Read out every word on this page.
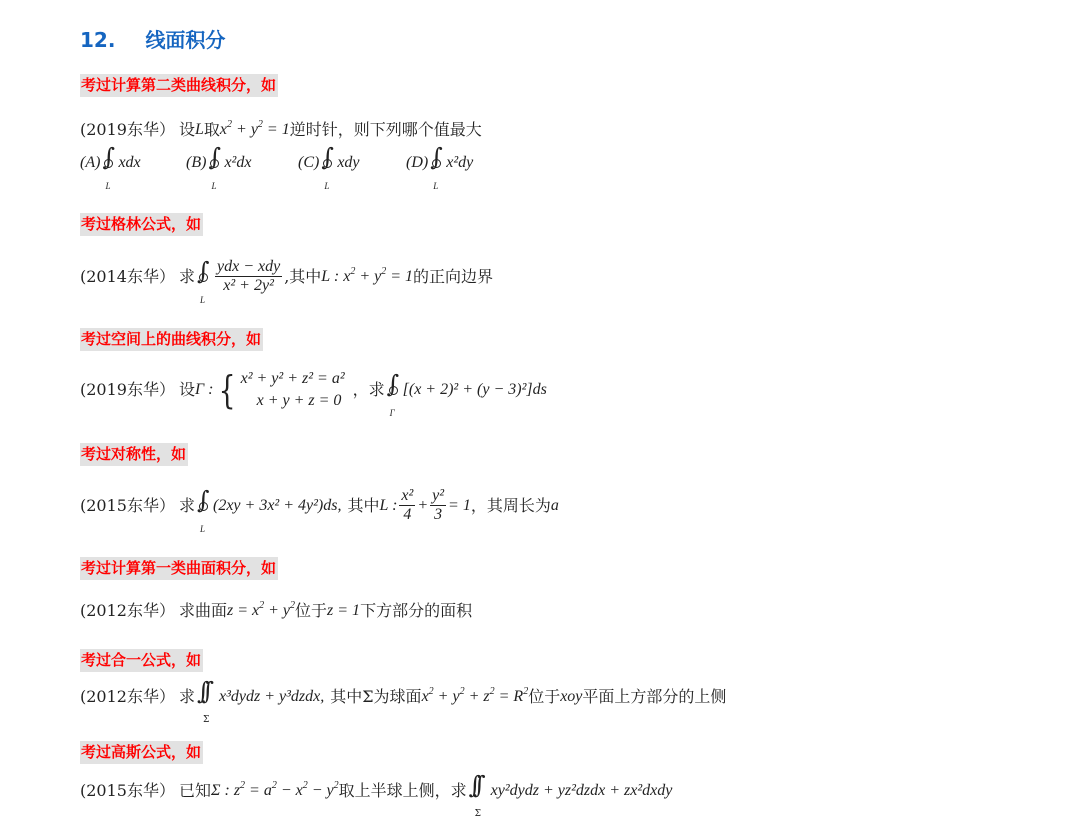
12. 线面积分
考过计算第二类曲线积分，如
(2019东华） 设 L 取 $x^2 + y^2 = 1$ 逆时针，则下列哪个值最大
(A) ∫
L
xdx	(B) ∫
L
x²dx	(C) ∫
L
xdy	(D) ∫
L
x²dy
考过格林公式，如
(2014东华） 求 ∫
L
$\frac{\text{ydx − xdy}}{\text{x² + 2y²}}$ ,其中 L : $x^2 + y^2 = 1$ 的正向边界
考过空间上的曲线积分，如
(2019东华） 设 Γ : { x² + y² + z² = a²
x + y + z = 0
，求 ∫
Γ
[(x + 2)² + (y − 3)²]ds
考过对称性，如
(2015东华） 求 ∫
L
(2xy + 3x² + 4y²)ds, 其中 L : $\frac{\text{x²}}{4} + \frac{\text{y²}}{3} = 1$ ，其周长为 a
考过计算第一类曲面积分，如
(2012东华） 求曲面 $z = x^2 + y^2$ 位于 z = 1 下方部分的面积
考过合一公式，如
(2012东华） 求 ∫∫
Σ
x³dydz + y³dzdx, 其中Σ为球面 $x^2 + y^2 + z^2 = R^2$ 位于 xoy 平面上方部分的上侧
考过高斯公式，如
(2015东华） 已知 Σ : $z^2 = a^2 - x^2 - y^2$ 取上半球上侧，求 ∫∫
Σ
xy²dydz + yz²dzdx + zx²dxdy
